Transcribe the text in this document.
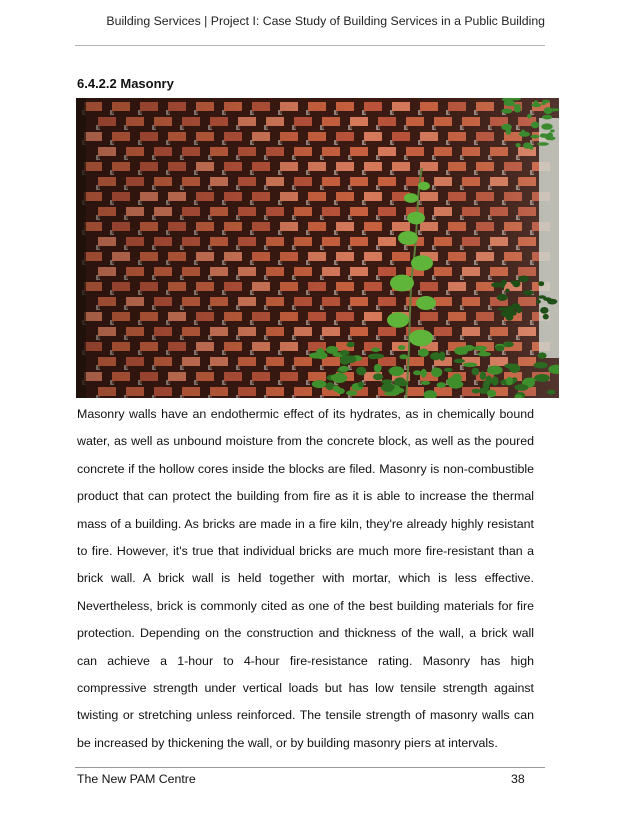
Building Services | Project I: Case Study of Building Services in a Public Building
6.4.2.2 Masonry

Masonry walls have an endothermic effect of its hydrates, as in chemically bound water, as well as unbound moisture from the concrete block, as well as the poured concrete if the hollow cores inside the blocks are filed. Masonry is non-combustible product that can protect the building from fire as it is able to increase the thermal mass of a building. As bricks are made in a fire kiln, they're already highly resistant to fire. However, it's true that individual bricks are much more fire-resistant than a brick wall. A brick wall is held together with mortar, which is less effective. Nevertheless, brick is commonly cited as one of the best building materials for fire protection. Depending on the construction and thickness of the wall, a brick wall can achieve a 1-hour to 4-hour fire-resistance rating. Masonry has high compressive strength under vertical loads but has low tensile strength against twisting or stretching unless reinforced. The tensile strength of masonry walls can be increased by thickening the wall, or by building masonry piers at intervals.

The New PAM Centre	38
